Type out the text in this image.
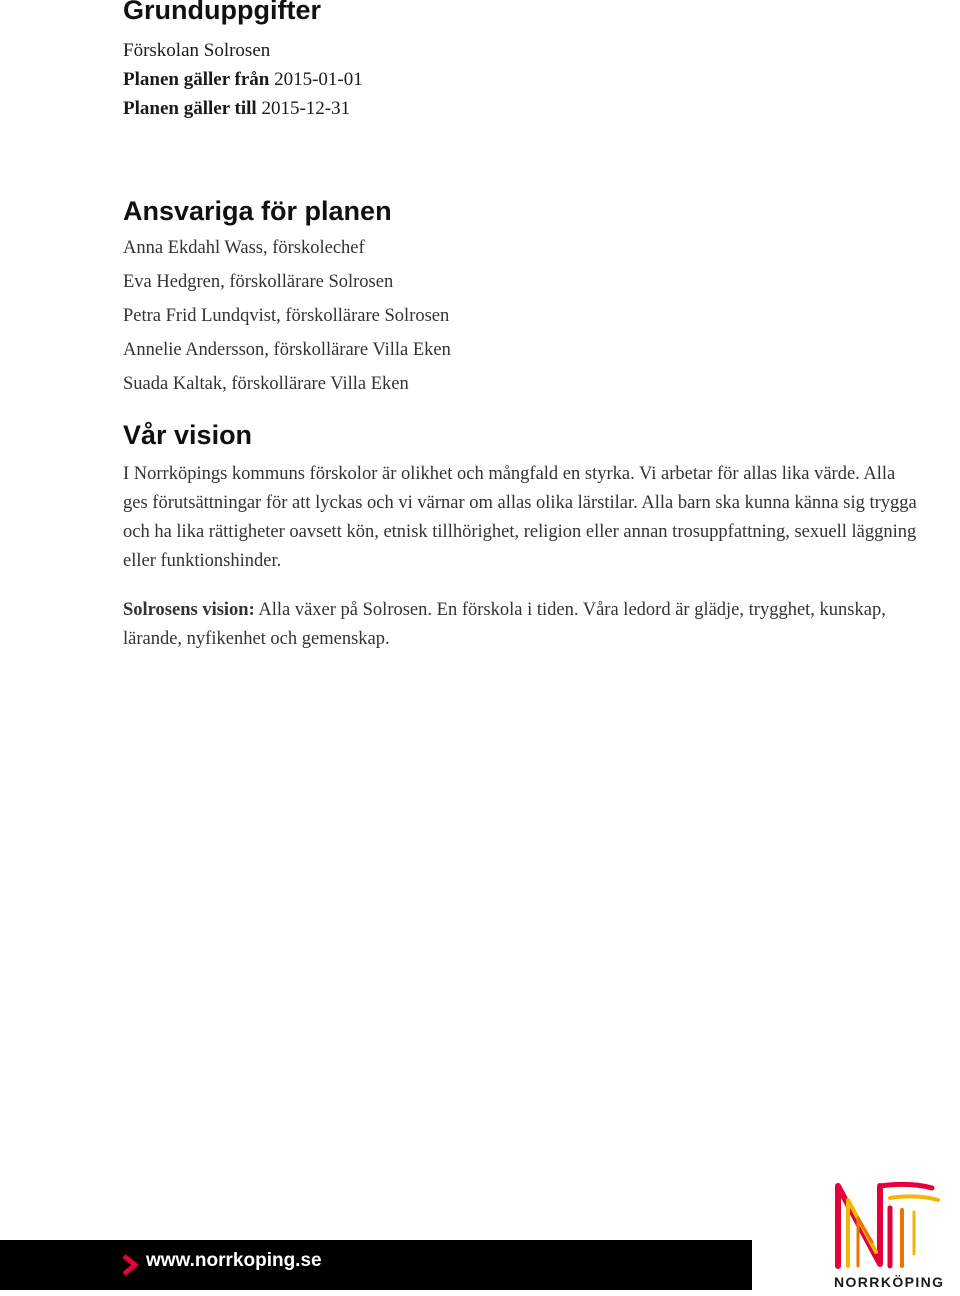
Grunduppgifter
Förskolan Solrosen
Planen gäller från 2015-01-01
Planen gäller till 2015-12-31
Ansvariga för planen
Anna Ekdahl Wass, förskolechef
Eva Hedgren, förskollärare Solrosen
Petra Frid Lundqvist, förskollärare Solrosen
Annelie Andersson, förskollärare Villa Eken
Suada Kaltak, förskollärare Villa Eken
Vår vision
I Norrköpings kommuns förskolor är olikhet och mångfald en styrka. Vi arbetar för allas lika värde. Alla ges förutsättningar för att lyckas och vi värnar om allas olika lärstilar. Alla barn ska kunna känna sig trygga och ha lika rättigheter oavsett kön, etnisk tillhörighet, religion eller annan trosuppfattning, sexuell läggning eller funktionshinder.
Solrosens vision: Alla växer på Solrosen. En förskola i tiden. Våra ledord är glädje, trygghet, kunskap, lärande, nyfikenhet och gemenskap.
www.norrkoping.se
NORRKÖPING
